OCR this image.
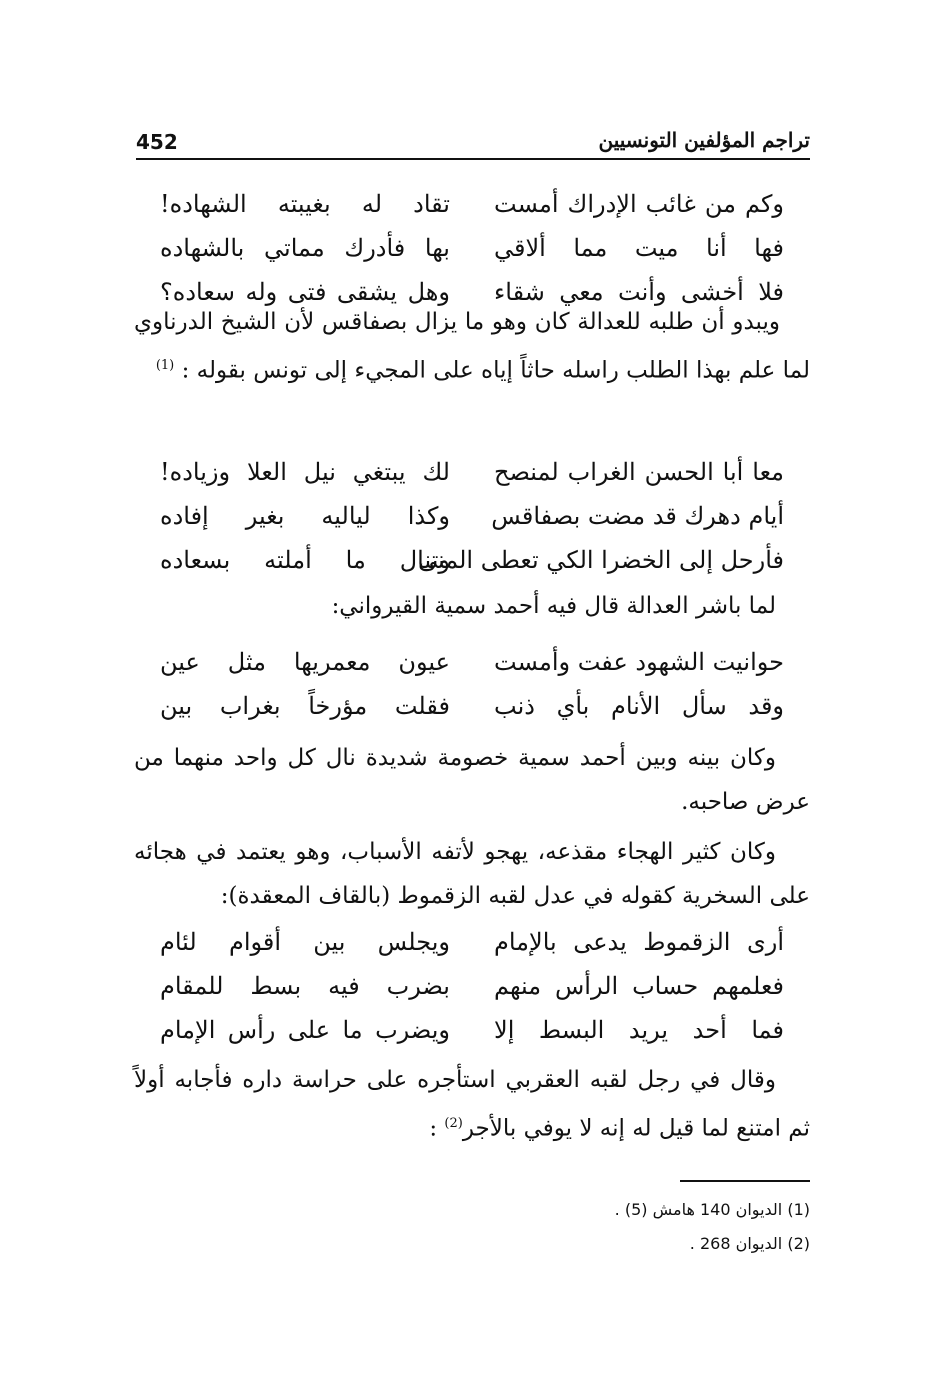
452	تراجم المؤلفين التونسيين
وكم من غائب الإدراك أمست
تقاد له بغيبته الشهاده!
فها أنا ميت مما ألاقي
بها فأدرك مماتي بالشهاده
فلا أخشى وأنت معي شقاء
وهل يشقى فتى وله سعاده؟

ويبدو أن طلبه للعدالة كان وهو ما يزال بصفاقس لأن الشيخ الدرناوي لما علم بهذا الطلب راسله حاثاً إياه على المجيء إلى تونس بقوله : $^{(1)}$

معا أبا الحسن الغراب لمنصح
لك يبتغي نيل العلا وزياده!
أيام دهرك قد مضت بصفاقس
وكذا لياليه بغير إفاده
فأرحل إلى الخضرا الكي تعطى المنى
وتنال ما أملته بسعاده

لما باشر العدالة قال فيه أحمد سمية القيرواني:

حوانيت الشهود عفت وأمست
عيون معمريها مثل عين
وقد سأل الأنام بأي ذنب
فقلت مؤرخاً بغراب بين

وكان بينه وبين أحمد سمية خصومة شديدة نال كل واحد منهما من عرض صاحبه.

وكان كثير الهجاء مقذعه، يهجو لأتفه الأسباب، وهو يعتمد في هجائه على السخرية كقوله في عدل لقبه الزقموط (بالقاف المعقدة):

أرى الزقموط يدعى بالإمام
ويجلس بين أقوام لئام
فعلمهم حساب الرأس منهم
بضرب فيه بسط للمقام
فما أحد يريد البسط إلا
ويضرب ما على رأس الإمام

وقال في رجل لقبه العقربي استأجره على حراسة داره فأجابه أولاً ثم امتنع لما قيل له إنه لا يوفي بالأجر$^{(2)}$ :

(1) الديوان 140 هامش (5) .
(2) الديوان 268 .
